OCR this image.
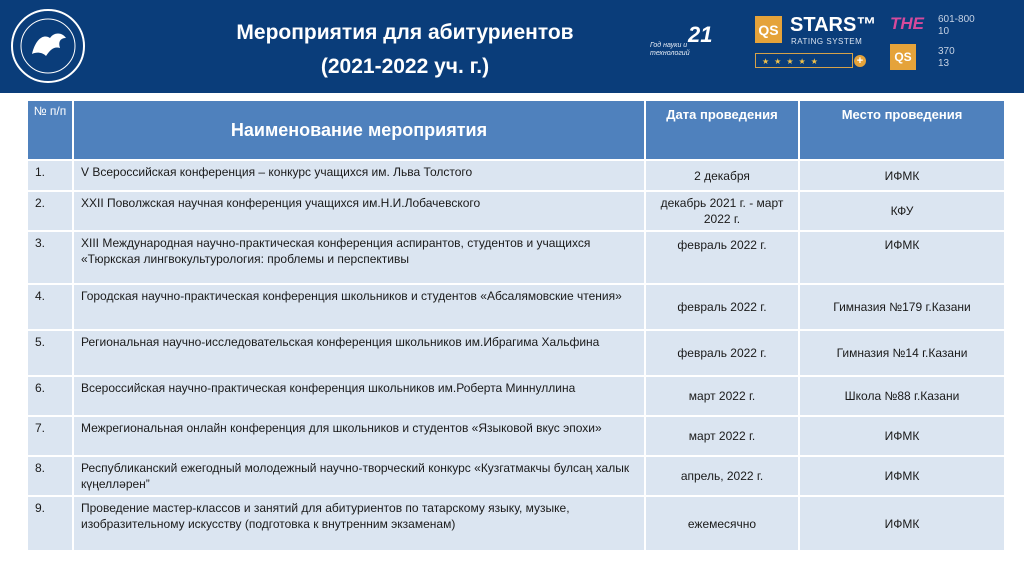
Мероприятия для абитуриентов
(2021-2022 уч. г.)
21
Год науки и технологий
QS STARS™
RATING SYSTEM
★★★★★	+
THE
QS
601-800
10
370
13
№ п/п	Наименование мероприятия	Дата проведения	Место проведения
1.	V Всероссийская конференция – конкурс учащихся им. Льва Толстого	2 декабря	ИФМК
2.	XXII Поволжская научная конференция учащихся им.Н.И.Лобачевского	декабрь 2021 г. - март 2022 г.	КФУ
3.	XIII Международная научно-практическая конференция аспирантов, студентов и учащихся «Тюркская лингвокультурология: проблемы и перспективы	февраль 2022 г.	ИФМК
4.	Городская научно-практическая конференция школьников и студентов «Абсалямовские чтения»	февраль 2022 г.	Гимназия №179 г.Казани
5.	Региональная научно-исследовательская конференция школьников им.Ибрагима Хальфина	февраль 2022 г.	Гимназия №14 г.Казани
6.	Всероссийская научно-практическая конференция школьников им.Роберта Миннуллина	март 2022 г.	Школа №88 г.Казани
7.	Межрегиональная онлайн конференция для школьников и студентов «Языковой вкус эпохи»	март 2022 г.	ИФМК
8.	Республиканский ежегодный молодежный научно-творческий конкурс «Кузгатмакчы булсаң халык күңелләрен”	апрель, 2022 г.	ИФМК
9.	Проведение мастер-классов и занятий для абитуриентов по татарскому языку, музыке, изобразительному искусству (подготовка к внутренним экзаменам)	ежемесячно	ИФМК
